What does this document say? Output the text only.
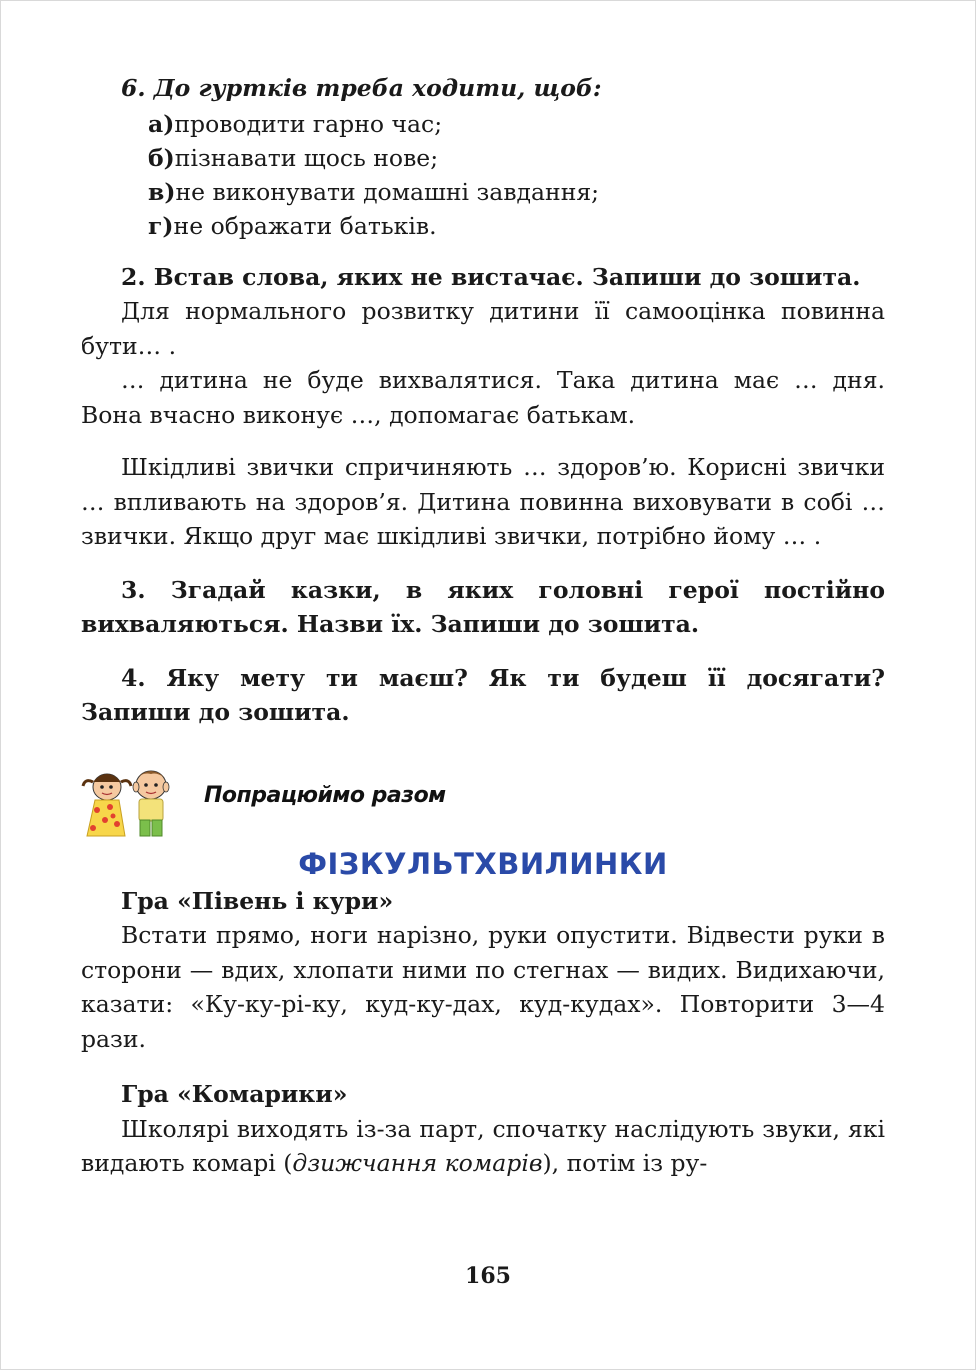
6. До гуртків треба ходити, щоб:

а)проводити гарно час;

б)пізнавати щось нове;

в)не виконувати домашні завдання;

г)не ображати батьків.

2. Встав слова, яких не вистачає. Запиши до зошита.

Для нормального розвитку дитини її самооцінка повинна бути… .

… дитина не буде вихвалятися. Така дитина має … дня. Вона вчасно виконує …, допомагає батькам.

Шкідливі звички спричиняють … здоров’ю. Корисні звички … впливають на здоров’я. Дитина повинна виховувати в собі … звички. Якщо друг має шкідливі звички, потрібно йому … .

3. Згадай казки, в яких головні герої постійно вихваляються. Назви їх. Запиши до зошита.

4. Яку мету ти маєш? Як ти будеш її досягати? Запиши до зошита.

Попрацюймо разом
ФІЗКУЛЬТХВИЛИНКИ

Гра «Півень і кури»

Встати прямо, ноги нарізно, руки опустити. Відвести руки в сторони — вдих, хлопати ними по стегнах — видих. Видихаючи, казати: «Ку-ку-рі-ку, куд-ку-дах, куд-кудах». Повторити 3—4 рази.

Гра «Комарики»

Школярі виходять із-за парт, спочатку наслідують звуки, які видають комарі (дзижчання комарів), потім із ру-

165
